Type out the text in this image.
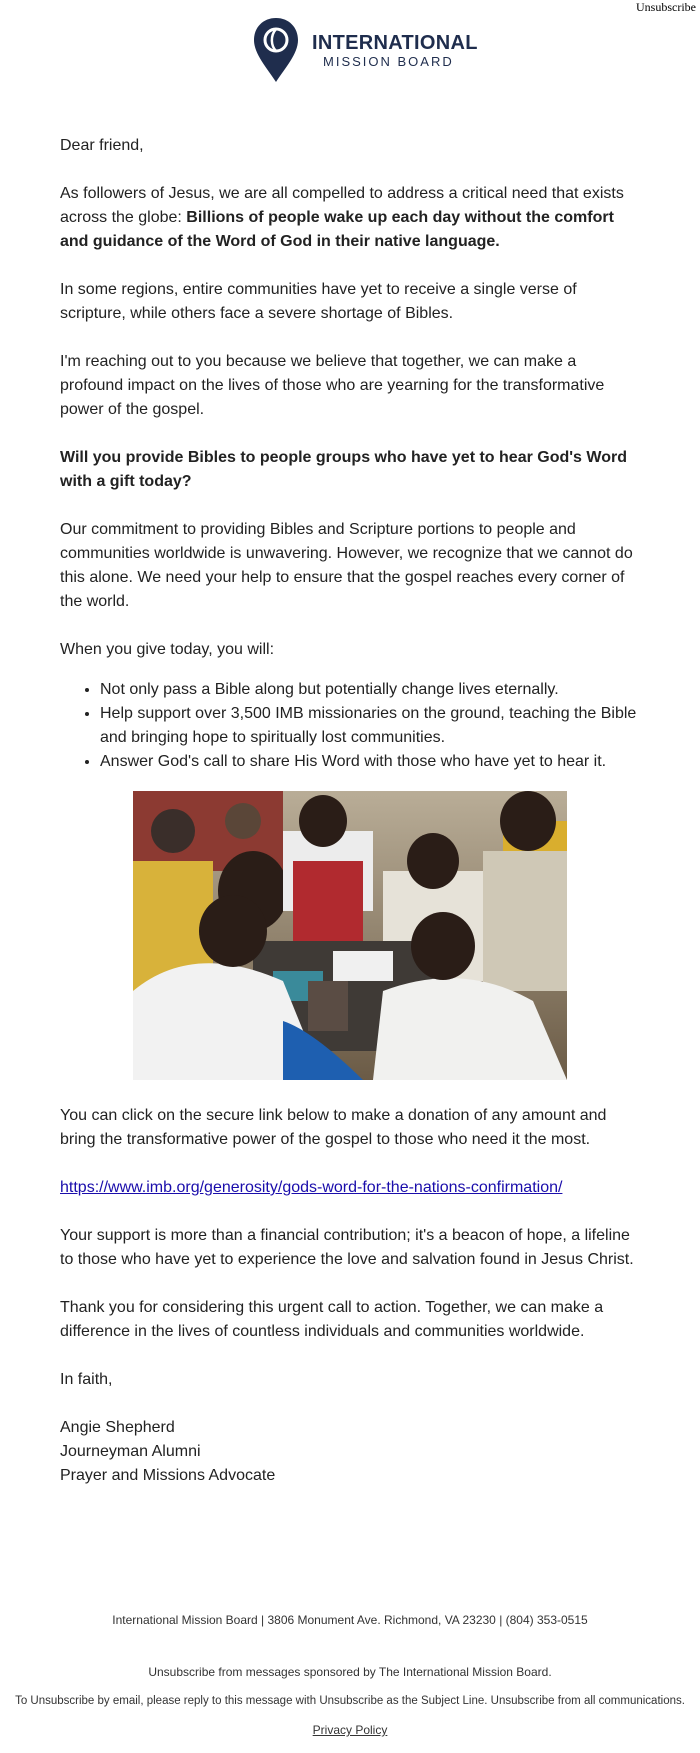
Unsubscribe
INTERNATIONAL
MISSION BOARD

Dear friend,

As followers of Jesus, we are all compelled to address a critical need that exists across the globe: Billions of people wake up each day without the comfort and guidance of the Word of God in their native language.

In some regions, entire communities have yet to receive a single verse of scripture, while others face a severe shortage of Bibles.

I'm reaching out to you because we believe that together, we can make a profound impact on the lives of those who are yearning for the transformative power of the gospel.

Will you provide Bibles to people groups who have yet to hear God's Word with a gift today?

Our commitment to providing Bibles and Scripture portions to people and communities worldwide is unwavering. However, we recognize that we cannot do this alone. We need your help to ensure that the gospel reaches every corner of the world.

When you give today, you will:

• Not only pass a Bible along but potentially change lives eternally.
• Help support over 3,500 IMB missionaries on the ground, teaching the Bible and bringing hope to spiritually lost communities.
• Answer God's call to share His Word with those who have yet to hear it.

You can click on the secure link below to make a donation of any amount and bring the transformative power of the gospel to those who need it the most.

https://www.imb.org/generosity/gods-word-for-the-nations-confirmation/

Your support is more than a financial contribution; it's a beacon of hope, a lifeline to those who have yet to experience the love and salvation found in Jesus Christ.

Thank you for considering this urgent call to action. Together, we can make a difference in the lives of countless individuals and communities worldwide.

In faith,

Angie Shepherd
Journeyman Alumni
Prayer and Missions Advocate
International Mission Board | 3806 Monument Ave. Richmond, VA 23230 | (804) 353-0515
Unsubscribe from messages sponsored by The International Mission Board.
To Unsubscribe by email, please reply to this message with Unsubscribe as the Subject Line. Unsubscribe from all communications.
Privacy Policy
